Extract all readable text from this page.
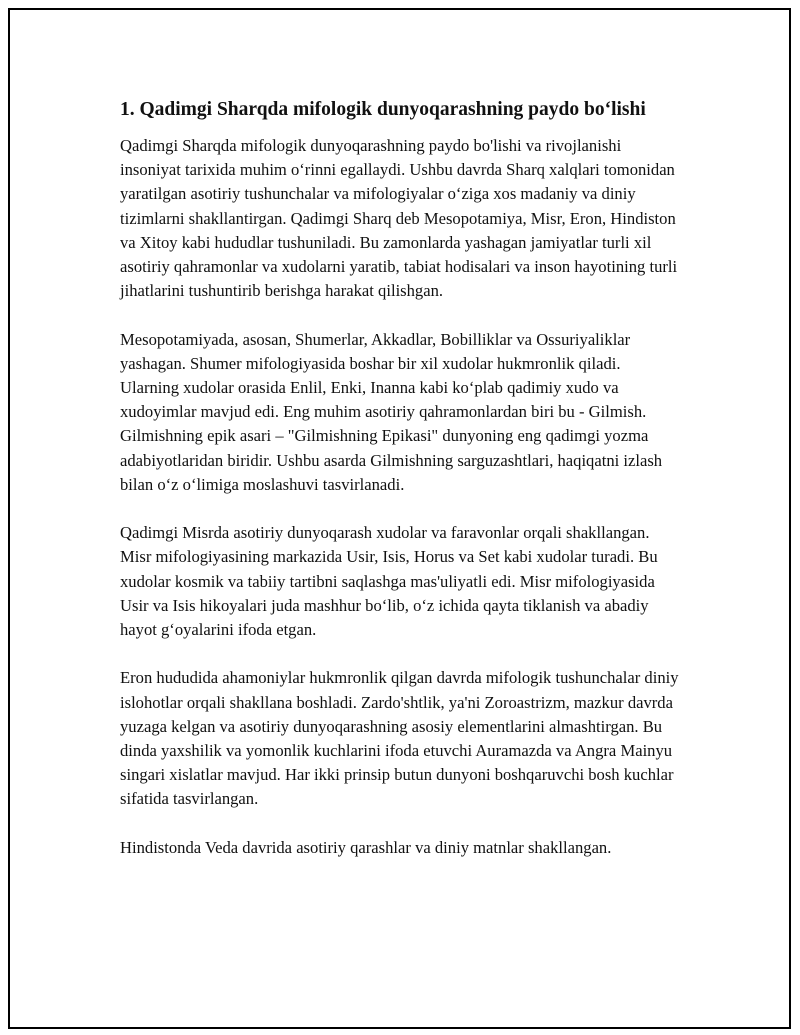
1. Qadimgi Sharqda mifologik dunyoqarashning paydo bo‘lishi

Qadimgi Sharqda mifologik dunyoqarashning paydo bo'lishi va rivojlanishi insoniyat tarixida muhim o‘rinni egallaydi. Ushbu davrda Sharq xalqlari tomonidan yaratilgan asotiriy tushunchalar va mifologiyalar o‘ziga xos madaniy va diniy tizimlarni shakllantirgan. Qadimgi Sharq deb Mesopotamiya, Misr, Eron, Hindiston va Xitoy kabi hududlar tushuniladi. Bu zamonlarda yashagan jamiyatlar turli xil asotiriy qahramonlar va xudolarni yaratib, tabiat hodisalari va inson hayotining turli jihatlarini tushuntirib berishga harakat qilishgan.

Mesopotamiyada, asosan, Shumerlar, Akkadlar, Bobilliklar va Ossuriyaliklar yashagan. Shumer mifologiyasida boshar bir xil xudolar hukmronlik qiladi. Ularning xudolar orasida Enlil, Enki, Inanna kabi ko‘plab qadimiy xudo va xudoyimlar mavjud edi. Eng muhim asotiriy qahramonlardan biri bu - Gilmish. Gilmishning epik asari – "Gilmishning Epikasi" dunyoning eng qadimgi yozma adabiyotlaridan biridir. Ushbu asarda Gilmishning sarguzashtlari, haqiqatni izlash bilan o‘z o‘limiga moslashuvi tasvirlanadi.

Qadimgi Misrda asotiriy dunyoqarash xudolar va faravonlar orqali shakllangan. Misr mifologiyasining markazida Usir, Isis, Horus va Set kabi xudolar turadi. Bu xudolar kosmik va tabiiy tartibni saqlashga mas'uliyatli edi. Misr mifologiyasida Usir va Isis hikoyalari juda mashhur bo‘lib, o‘z ichida qayta tiklanish va abadiy hayot g‘oyalarini ifoda etgan.

Eron hududida ahamoniylar hukmronlik qilgan davrda mifologik tushunchalar diniy islohotlar orqali shakllana boshladi. Zardo'shtlik, ya'ni Zoroastrizm, mazkur davrda yuzaga kelgan va asotiriy dunyoqarashning asosiy elementlarini almashtirgan. Bu dinda yaxshilik va yomonlik kuchlarini ifoda etuvchi Auramazda va Angra Mainyu singari xislatlar mavjud. Har ikki prinsip butun dunyoni boshqaruvchi bosh kuchlar sifatida tasvirlangan.

Hindistonda Veda davrida asotiriy qarashlar va diniy matnlar shakllangan.
